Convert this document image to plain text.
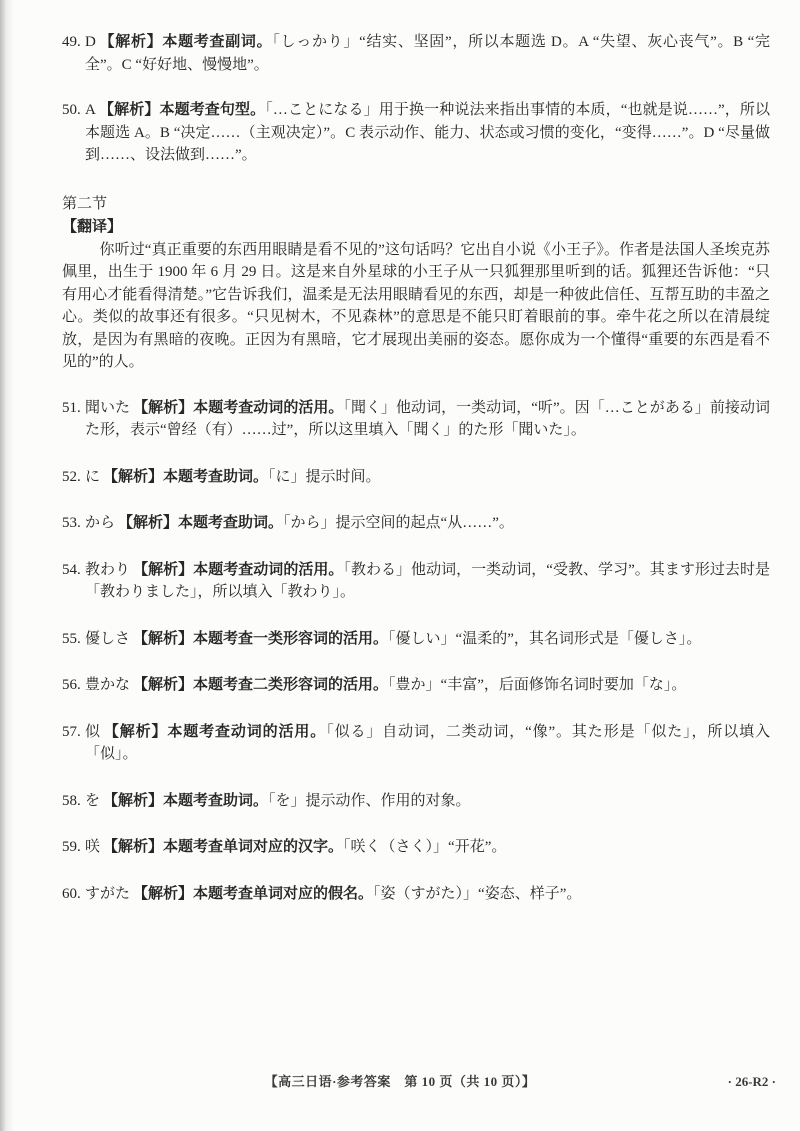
49. D 【解析】本题考查副词。「しっかり」“结实、坚固”，所以本题选 D。A “失望、灰心丧气”。B “完全”。C “好好地、慢慢地”。
50. A 【解析】本题考查句型。「…ことになる」用于换一种说法来指出事情的本质，“也就是说……”，所以本题选 A。B “决定……（主观决定）”。C 表示动作、能力、状态或习惯的变化，“变得……”。D “尽量做到……、设法做到……”。
第二节
【翻译】
你听过“真正重要的东西用眼睛是看不见的”这句话吗？它出自小说《小王子》。作者是法国人圣埃克苏佩里，出生于 1900 年 6 月 29 日。这是来自外星球的小王子从一只狐狸那里听到的话。狐狸还告诉他：“只有用心才能看得清楚。”它告诉我们，温柔是无法用眼睛看见的东西，却是一种彼此信任、互帮互助的丰盈之心。类似的故事还有很多。“只见树木，不见森林”的意思是不能只盯着眼前的事。牵牛花之所以在清晨绽放，是因为有黑暗的夜晚。正因为有黑暗，它才展现出美丽的姿态。愿你成为一个懂得“重要的东西是看不见的”的人。
51. 聞いた 【解析】本题考查动词的活用。「聞く」他动词，一类动词，“听”。因「…ことがある」前接动词た形，表示“曾经（有）……过”，所以这里填入「聞く」的た形「聞いた」。
52. に 【解析】本题考查助词。「に」提示时间。
53. から 【解析】本题考查助词。「から」提示空间的起点“从……”。
54. 教わり 【解析】本题考查动词的活用。「教わる」他动词，一类动词，“受教、学习”。其ます形过去时是「教わりました」，所以填入「教わり」。
55. 優しさ 【解析】本题考查一类形容词的活用。「優しい」“温柔的”，其名词形式是「優しさ」。
56. 豊かな 【解析】本题考查二类形容词的活用。「豊か」“丰富”，后面修饰名词时要加「な」。
57. 似 【解析】本题考查动词的活用。「似る」自动词，二类动词，“像”。其た形是「似た」，所以填入「似」。
58. を 【解析】本题考查助词。「を」提示动作、作用的对象。
59. 咲 【解析】本题考查单词对应的汉字。「咲く（さく）」“开花”。
60. すがた 【解析】本题考查单词对应的假名。「姿（すがた）」“姿态、样子”。
【高三日语·参考答案　第 10 页（共 10 页）】	· 26-R2 ·
